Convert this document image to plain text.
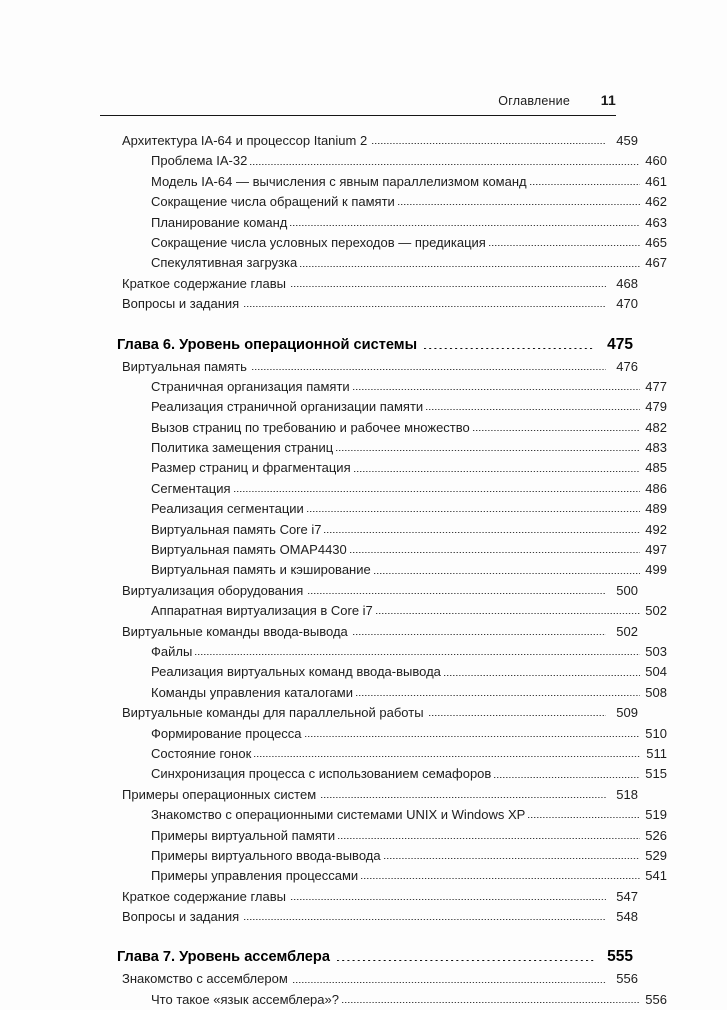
Оглавление	11
Архитектура IA-64 и процессор Itanium 2	459
Проблема IA-32	460
Модель IA-64 — вычисления с явным параллелизмом команд	461
Сокращение числа обращений к памяти	462
Планирование команд	463
Сокращение числа условных переходов — предикация	465
Спекулятивная загрузка	467
Краткое содержание главы	468
Вопросы и задания	470
Глава 6. Уровень операционной системы	475
Виртуальная память	476
Страничная организация памяти	477
Реализация страничной организации памяти	479
Вызов страниц по требованию и рабочее множество	482
Политика замещения страниц	483
Размер страниц и фрагментация	485
Сегментация	486
Реализация сегментации	489
Виртуальная память Core i7	492
Виртуальная память OMAP4430	497
Виртуальная память и кэширование	499
Виртуализация оборудования	500
Аппаратная виртуализация в Core i7	502
Виртуальные команды ввода-вывода	502
Файлы	503
Реализация виртуальных команд ввода-вывода	504
Команды управления каталогами	508
Виртуальные команды для параллельной работы	509
Формирование процесса	510
Состояние гонок	511
Синхронизация процесса с использованием семафоров	515
Примеры операционных систем	518
Знакомство с операционными системами UNIX и Windows XP	519
Примеры виртуальной памяти	526
Примеры виртуального ввода-вывода	529
Примеры управления процессами	541
Краткое содержание главы	547
Вопросы и задания	548
Глава 7. Уровень ассемблера	555
Знакомство с ассемблером	556
Что такое «язык ассемблера»?	556
